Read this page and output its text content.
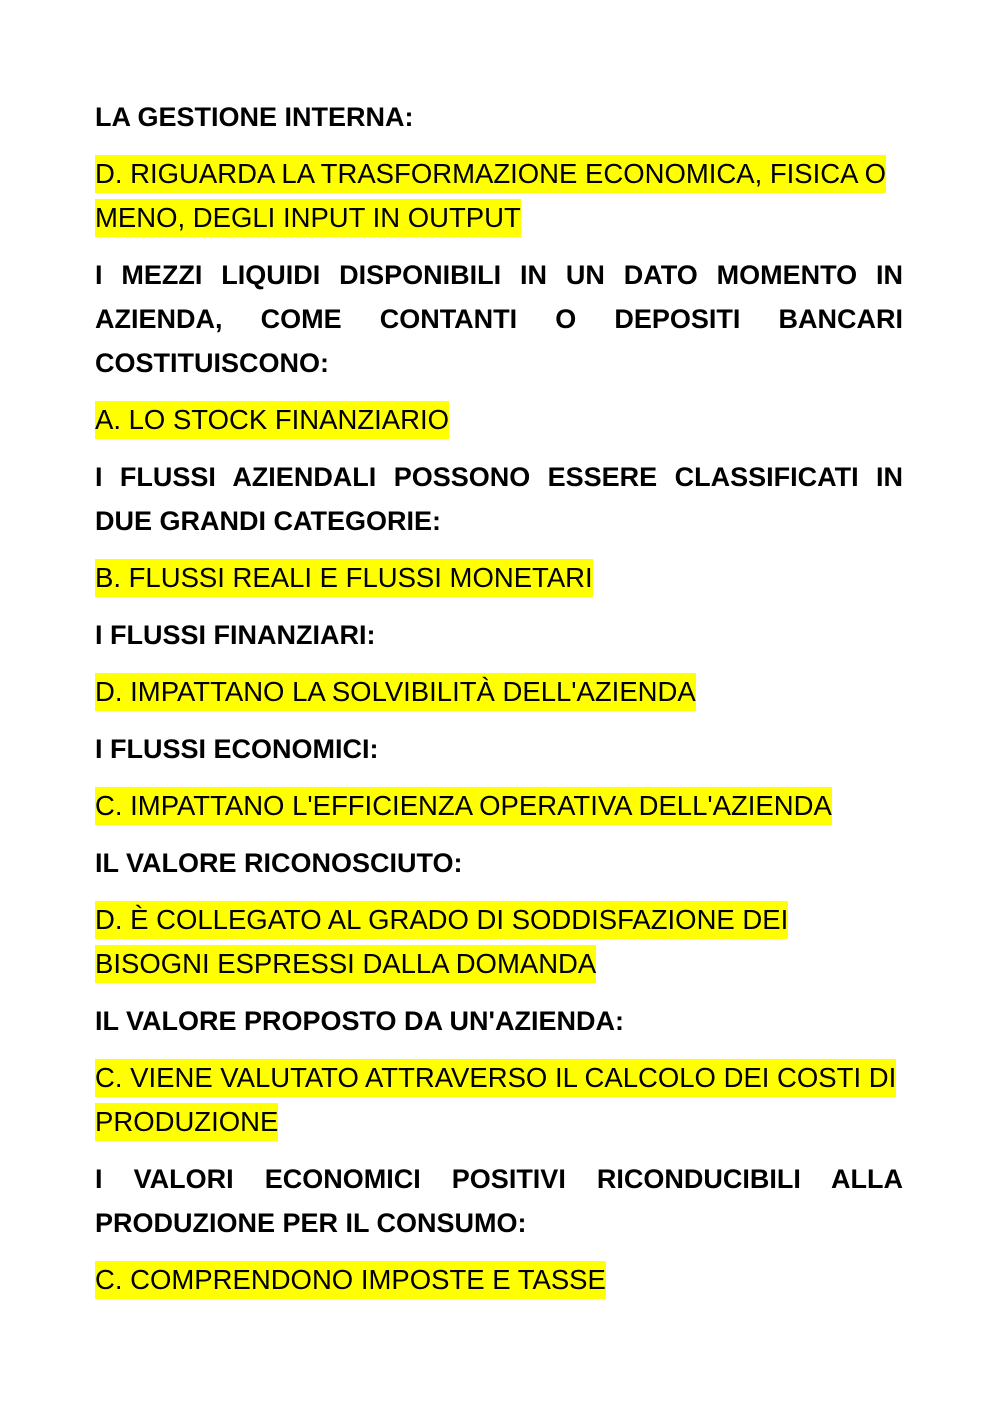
LA GESTIONE INTERNA:

D. RIGUARDA LA TRASFORMAZIONE ECONOMICA, FISICA O MENO, DEGLI INPUT IN OUTPUT

I MEZZI LIQUIDI DISPONIBILI IN UN DATO MOMENTO IN AZIENDA, COME CONTANTI O DEPOSITI BANCARI COSTITUISCONO:

A. LO STOCK FINANZIARIO

I FLUSSI AZIENDALI POSSONO ESSERE CLASSIFICATI IN DUE GRANDI CATEGORIE:

B. FLUSSI REALI E FLUSSI MONETARI

I FLUSSI FINANZIARI:

D. IMPATTANO LA SOLVIBILITÀ DELL'AZIENDA

I FLUSSI ECONOMICI:

C. IMPATTANO L'EFFICIENZA OPERATIVA DELL'AZIENDA

IL VALORE RICONOSCIUTO:

D. È COLLEGATO AL GRADO DI SODDISFAZIONE DEI BISOGNI ESPRESSI DALLA DOMANDA

IL VALORE PROPOSTO DA UN'AZIENDA:

C. VIENE VALUTATO ATTRAVERSO IL CALCOLO DEI COSTI DI PRODUZIONE

I VALORI ECONOMICI POSITIVI RICONDUCIBILI ALLA PRODUZIONE PER IL CONSUMO:

C. COMPRENDONO IMPOSTE E TASSE
